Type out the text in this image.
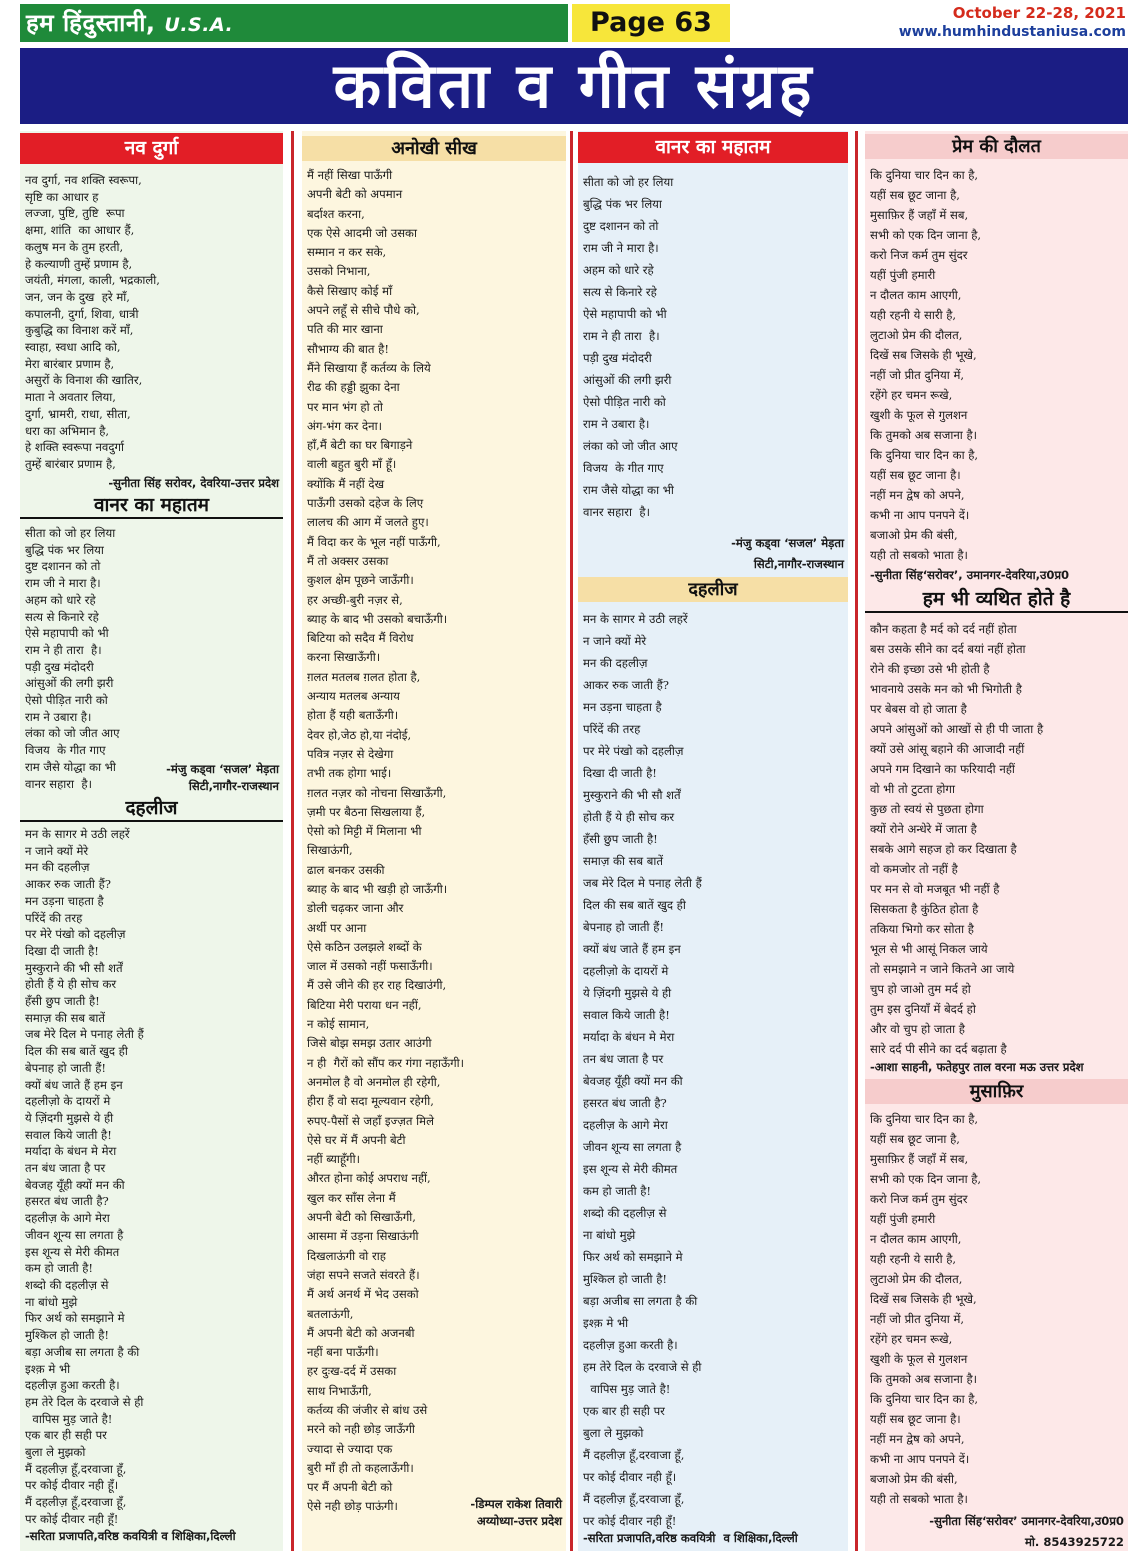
हम हिंदुस्तानी, U.S.A.	Page 63	October 22-28, 2021
www.humhindustaniusa.com
कविता व गीत संग्रह
नव दुर्गा
नव दुर्गा, नव शक्ति स्वरूपा,
सृष्टि का आधार ह
लज्जा, पुष्टि, तुष्टि  रूपा
क्षमा, शांति  का आधार हैं,
कलुष मन के तुम हरती,
हे कल्याणी तुम्हें प्रणाम है,
जयंती, मंगला, काली, भद्रकाली,
जन, जन के दुख  हरे माँ,
कपालनी, दुर्गा, शिवा, धात्री
कुबुद्धि का विनाश करें माँ,
स्वाहा, स्वधा आदि को,
मेरा बारंबार प्रणाम है,
असुरों के विनाश की खातिर,
माता ने अवतार लिया,
दुर्गा, भ्रामरी, राधा, सीता,
धरा का अभिमान है,
हे शक्ति स्वरूपा नवदुर्गा
तुम्हें बारंबार प्रणाम है,
-सुनीता सिंह सरोवर, देवरिया-उत्तर प्रदेश
वानर का महातम
सीता को जो हर लिया
बुद्धि पंक भर लिया
दुष्ट दशानन को तो
राम जी ने मारा है।
अहम को धारे रहे
सत्य से किनारे रहे
ऐसे महापापी को भी
राम ने ही तारा  है।
पड़ी दुख मंदोदरी
आंसुओं की लगी झरी
ऐसो पीड़ित नारी को
राम ने उबारा है।
लंका को जो जीत आए
विजय  के गीत गाए
राम जैसे योद्धा का भी
वानर सहारा  है।
-मंजु कड्वा ‘सजल’ मेड़ता
सिटी,नागौर-राजस्थान
दहलीज
मन के सागर मे उठी लहरें
न जाने क्यों मेरे
मन की दहलीज़
आकर रुक जाती हैं?
मन उड़ना चाहता है
परिंदें की तरह
पर मेरे पंखो को दहलीज़
दिखा दी जाती है!
मुस्कुराने की भी सौ शर्तें
होती हैं ये ही सोच कर
हँसी छुप जाती है!
समाज़ की सब बातें
जब मेरे दिल मे पनाह लेती हैं
दिल की सब बातें खुद ही
बेपनाह हो जाती हैं!
क्यों बंध जाते हैं हम इन
दहलीज़ो के दायरों मे
ये ज़िंदगी मुझसे ये ही
सवाल किये जाती है!
मर्यादा के बंधन मे मेरा
तन बंध जाता है पर
बेवजह यूँही क्यों मन की
हसरत बंध जाती है?
दहलीज़ के आगे मेरा
जीवन शून्य सा लगता है
इस शून्य से मेरी कीमत
कम हो जाती है!
शब्दो की दहलीज़ से
ना बांधो मुझे
फिर अर्थ को समझाने मे
मुश्किल हो जाती है!
बड़ा अजीब सा लगता है की
इश्क़ मे भी
दहलीज़ हुआ करती है।
हम तेरे दिल के दरवाजे से ही
वापिस मुड़ जाते है!
एक बार ही सही पर
बुला ले मुझको
मैं दहलीज़ हूँ,दरवाजा हूँ,
पर कोई दीवार नही हूँ।
मैं दहलीज़ हूँ,दरवाजा हूँ,
पर कोई दीवार नही हूँ!
-सरिता प्रजापति,वरिष्ठ कवयित्री व शिक्षिका,दिल्ली
अनोखी सीख
मैं नहीं सिखा पाऊँगी
अपनी बेटी को अपमान
बर्दाश्त करना,
एक ऐसे आदमी जो उसका
सम्मान न कर सके,
उसको निभाना,
कैसे सिखाए कोई माँ
अपने लहूँ से सीचे पौधे को,
पति की मार खाना
सौभाग्य की बात है!
मैंने सिखाया हैं कर्तव्य के लिये
रीढ की हड्डी झुका देना
पर मान भंग हो तो
अंग-भंग कर देना।
हाँ,मैं बेटी का घर बिगाड़ने
वाली बहुत बुरी माँ हूँ।
क्योंकि मैं नहीं देख
पाऊँगी उसको दहेज के लिए
लालच की आग में जलते हुए।
मैं विदा कर के भूल नहीं पाऊँगी,
मैं तो अक्सर उसका
कुशल क्षेम पूछने जाऊँगी।
हर अच्छी-बुरी नज़र से,
ब्याह के बाद भी उसको बचाऊँगी।
बिटिया को सदैव मैं विरोध
करना सिखाऊँगी।
ग़लत मतलब ग़लत होता है,
अन्याय मतलब अन्याय
होता हैं यही बताऊँगी।
देवर हो,जेठ हो,या नंदोई,
पवित्र नज़र से देखेगा
तभी तक होगा भाई।
ग़लत नज़र को नोचना सिखाऊँगी,
ज़मी पर बैठना सिखलाया हैं,
ऐसो को मिट्टी में मिलाना भी
सिखाऊंगी,
ढाल बनकर उसकी
ब्याह के बाद भी खड़ी हो जाऊँगी।
डोली चढ़कर जाना और
अर्थी पर आना
ऐसे कठिन उलझले शब्दों के
जाल में उसको नहीं फसाऊँगी।
मैं उसे जीने की हर राह दिखाउंगी,
बिटिया मेरी पराया धन नहीं,
न कोई सामान,
जिसे बोझ समझ उतार आउंगी
न ही  गैरों को सौंप कर गंगा नहाऊँगी।
अनमोल है वो अनमोल ही रहेगी,
हीरा हैं वो सदा मूल्यवान रहेगी,
रुपए-पैसों से जहाँ इज्ज़त मिले
ऐसे घर में मैं अपनी बेटी
नहीं ब्याहूँगी।
औरत होना कोई अपराध नहीं,
खुल कर साँस लेना मैं
अपनी बेटी को सिखाऊँगी,
आसमा में उड़ना सिखाऊंगी
दिखलाऊंगी वो राह
जंहा सपने सजते संवरते हैं।
मैं अर्थ अनर्थ में भेद उसको
बतलाऊंगी,
मैं अपनी बेटी को अजनबी
नहीं बना पाऊँगी।
हर दुःख-दर्द में उसका
साथ निभाऊँगी,
कर्तव्य की जंजीर से बांध उसे
मरने को नही छोड़ जाऊँगी
ज्यादा से ज्यादा एक
बुरी माँ ही तो कहलाऊँगी।
पर मैं अपनी बेटी को
ऐसे नही छोड़ पाऊंगी।	-डिम्पल राकेश तिवारी
अय्योध्या-उत्तर प्रदेश
वानर का महातम
सीता को जो हर लिया
बुद्धि पंक भर लिया
दुष्ट दशानन को तो
राम जी ने मारा है।
अहम को धारे रहे
सत्य से किनारे रहे
ऐसे महापापी को भी
राम ने ही तारा  है।
पड़ी दुख मंदोदरी
आंसुओं की लगी झरी
ऐसो पीड़ित नारी को
राम ने उबारा है।
लंका को जो जीत आए
विजय  के गीत गाए
राम जैसे योद्धा का भी
वानर सहारा  है।
-मंजु कड्वा ‘सजल’ मेड़ता
सिटी,नागौर-राजस्थान
दहलीज
मन के सागर मे उठी लहरें
न जाने क्यों मेरे
मन की दहलीज़
आकर रुक जाती हैं?
मन उड़ना चाहता है
परिंदें की तरह
पर मेरे पंखो को दहलीज़
दिखा दी जाती है!
मुस्कुराने की भी सौ शर्तें
होती हैं ये ही सोच कर
हँसी छुप जाती है!
समाज़ की सब बातें
जब मेरे दिल मे पनाह लेती हैं
दिल की सब बातें खुद ही
बेपनाह हो जाती हैं!
क्यों बंध जाते हैं हम इन
दहलीज़ो के दायरों मे
ये ज़िंदगी मुझसे ये ही
सवाल किये जाती है!
मर्यादा के बंधन मे मेरा
तन बंध जाता है पर
बेवजह यूँही क्यों मन की
हसरत बंध जाती है?
दहलीज़ के आगे मेरा
जीवन शून्य सा लगता है
इस शून्य से मेरी कीमत
कम हो जाती है!
शब्दो की दहलीज़ से
ना बांधो मुझे
फिर अर्थ को समझाने मे
मुश्किल हो जाती है!
बड़ा अजीब सा लगता है की
इश्क़ मे भी
दहलीज़ हुआ करती है।
हम तेरे दिल के दरवाजे से ही
वापिस मुड़ जाते है!
एक बार ही सही पर
बुला ले मुझको
मैं दहलीज़ हूँ,दरवाजा हूँ,
पर कोई दीवार नही हूँ।
मैं दहलीज़ हूँ,दरवाजा हूँ,
पर कोई दीवार नही हूँ!
-सरिता प्रजापति,वरिष्ठ कवयित्री  व शिक्षिका,दिल्ली
प्रेम की दौलत
कि दुनिया चार दिन का है,
यहीं सब छूट जाना है,
मुसाफ़िर हैं जहाँ में सब,
सभी को एक दिन जाना है,
करो निज कर्म तुम सुंदर
यहीं पुंजी हमारी
न दौलत काम आएगी,
यही रहनी ये सारी है,
लुटाओ प्रेम की दौलत,
दिखें सब जिसके ही भूखे,
नहीं जो प्रीत दुनिया में,
रहेंगे हर चमन रूखे,
खुशी के फूल से गुलशन
कि तुमको अब सजाना है।
कि दुनिया चार दिन का है,
यहीं सब छूट जाना है।
नहीं मन द्वेष को अपने,
कभी ना आप पनपने दें।
बजाओ प्रेम की बंसी,
यही तो सबको भाता है।
-सुनीता सिंह‘सरोवर’, उमानगर-देवरिया,उ0प्र0
हम भी व्यथित होते है
कौन कहता है मर्द को दर्द नहीं होता
बस उसके सीने का दर्द बयां नहीं होता
रोने की इच्छा उसे भी होती है
भावनाये उसके मन को भी भिगोती है
पर बेबस वो हो जाता है
अपने आंसुओं को आखों से ही पी जाता है
क्यों उसे आंसू बहाने की आजादी नहीं
अपने गम दिखाने का फरियादी नहीं
वो भी तो टुटता होगा
कुछ तो स्वयं से पुछता होगा
क्यों रोने अन्धेरे में जाता है
सबके आगे सहज हो कर दिखाता है
वो कमजोर तो नहीं है
पर मन से वो मजबूत भी नहीं है
सिसकता है कुंठित होता है
तकिया भिगो कर सोता है
भूल से भी आसूं निकल जाये
तो समझाने न जाने कितने आ जाये
चुप हो जाओ तुम मर्द हो
तुम इस दुनियाँ में बेदर्द हो
और वो चुप हो जाता है
सारे दर्द पी सीने का दर्द बढ़ाता है
-आशा साहनी, फतेहपुर ताल वरना मऊ उत्तर प्रदेश
मुसाफ़िर
कि दुनिया चार दिन का है,
यहीं सब छूट जाना है,
मुसाफ़िर हैं जहाँ में सब,
सभी को एक दिन जाना है,
करो निज कर्म तुम सुंदर
यहीं पुंजी हमारी
न दौलत काम आएगी,
यही रहनी ये सारी है,
लुटाओ प्रेम की दौलत,
दिखें सब जिसके ही भूखे,
नहीं जो प्रीत दुनिया में,
रहेंगे हर चमन रूखे,
खुशी के फूल से गुलशन
कि तुमको अब सजाना है।
कि दुनिया चार दिन का है,
यहीं सब छूट जाना है।
नहीं मन द्वेष को अपने,
कभी ना आप पनपने दें।
बजाओ प्रेम की बंसी,
यही तो सबको भाता है।
-सुनीता सिंह‘सरोवर’ उमानगर-देवरिया,उ0प्र0
मो. 8543925722
